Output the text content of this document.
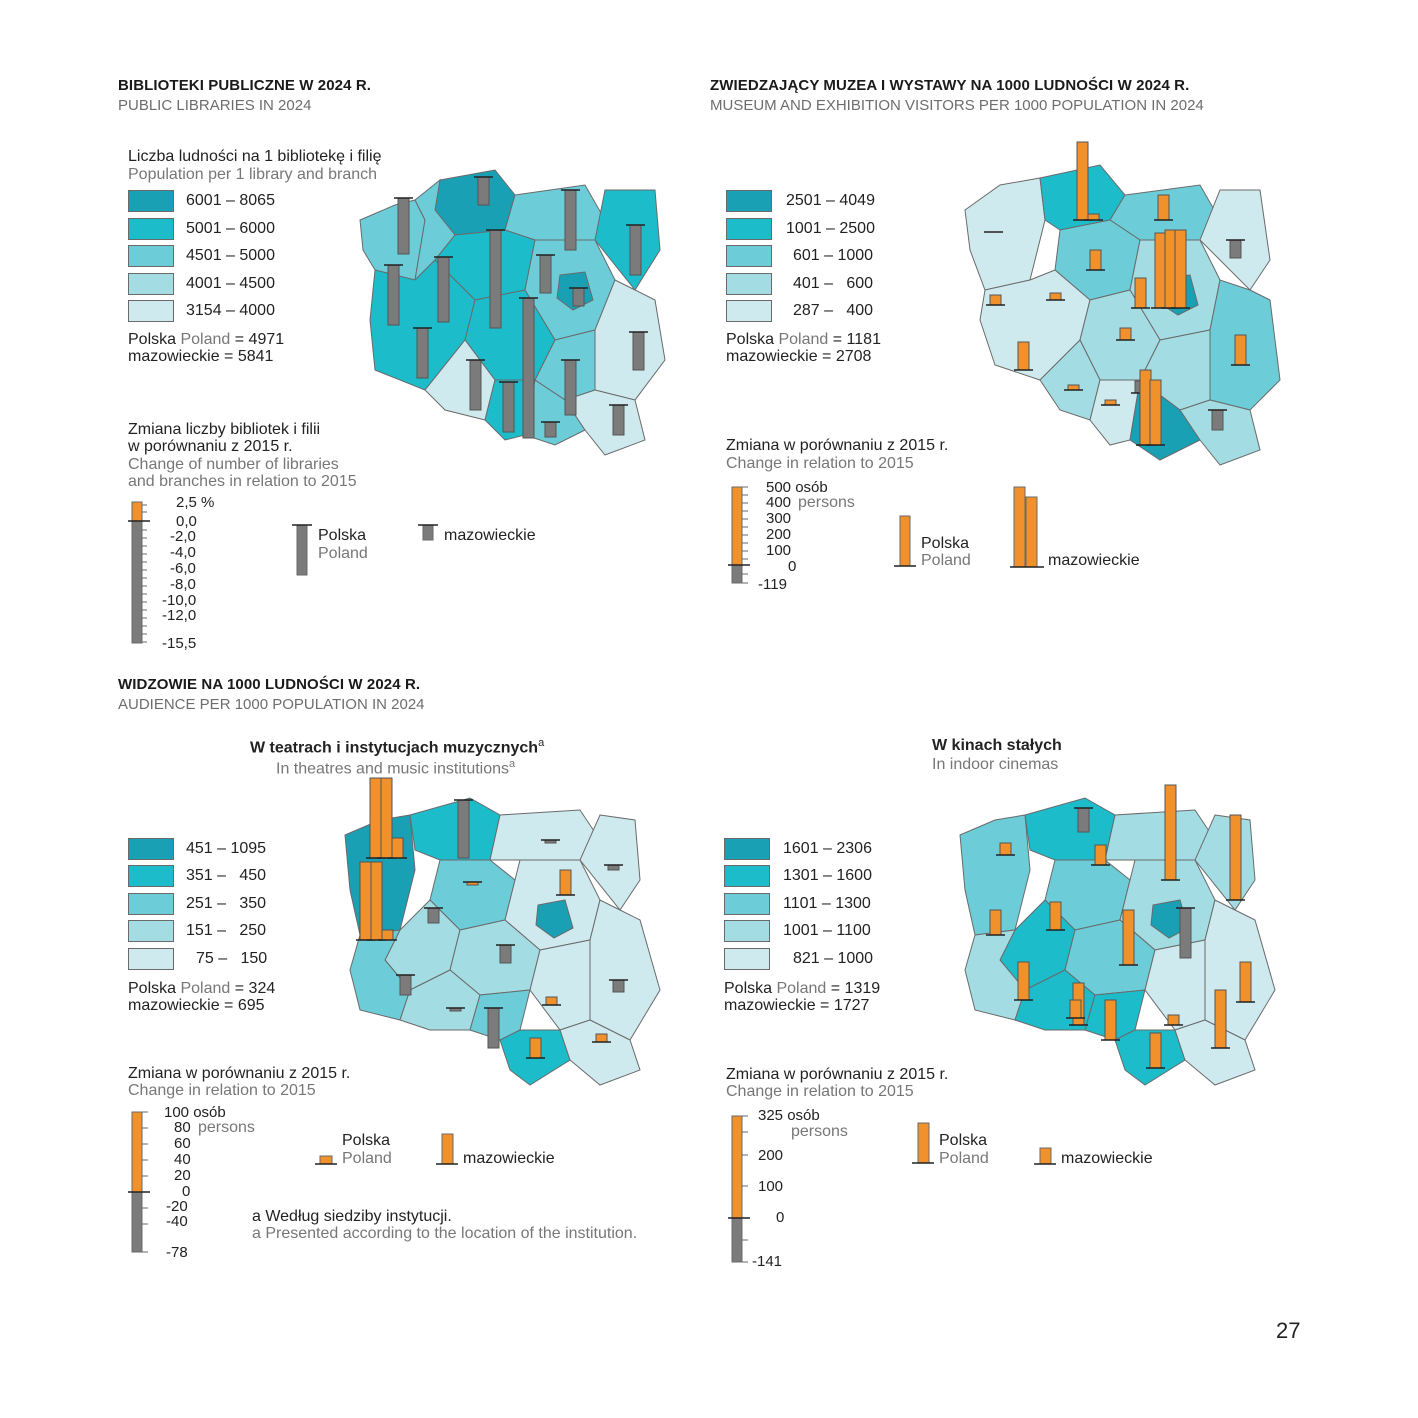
BIBLIOTEKI PUBLICZNE W 2024 R.
PUBLIC LIBRARIES IN 2024
Liczba ludności na 1 bibliotekę i filię
Population per 1 library and branch
6001 – 8065
5001 – 6000
4501 – 5000
4001 – 4500
3154 – 4000
Polska Poland = 4971
mazowieckie = 5841
Zmiana liczby bibliotek i filii
w porównaniu z 2015 r.
Change of number of libraries
and branches in relation to 2015
2,5 %
0,0
-2,0
-4,0
-6,0
-8,0
-10,0
-12,0
-15,5
Polska
Poland
mazowieckie
ZWIEDZAJĄCY MUZEA I WYSTAWY NA 1000 LUDNOŚCI W 2024 R.
MUSEUM AND EXHIBITION VISITORS PER 1000 POPULATION IN 2024
2501 – 4049
1001 – 2500
601 – 1000
401 –   600
287 –   400
Polska Poland = 1181
mazowieckie = 2708
Zmiana w porównaniu z 2015 r.
Change in relation to 2015
500 osób
400 persons
300
200
100
0
-119
Polska
Poland	mazowieckie
WIDZOWIE NA 1000 LUDNOŚCI W 2024 R.
AUDIENCE PER 1000 POPULATION IN 2024
W teatrach i instytucjach muzycznych$^a$
In theatres and music institutions$^a$
451 – 1095
351 –   450
251 –   350
151 –   250
75 –   150
Polska Poland = 324
mazowieckie = 695
Zmiana w porównaniu z 2015 r.
Change in relation to 2015
100 osób
80 persons
60
40
20
0
-20
-40
-78
Polska
Poland	mazowieckie
a Według siedziby instytucji.
a Presented according to the location of the institution.
W kinach stałych
In indoor cinemas
1601 – 2306
1301 – 1600
1101 – 1300
1001 – 1100
821 – 1000
Polska Poland = 1319
mazowieckie = 1727
Zmiana w porównaniu z 2015 r.
Change in relation to 2015
325 osób
persons
200
100
0
-141
Polska
Poland	mazowieckie
27
